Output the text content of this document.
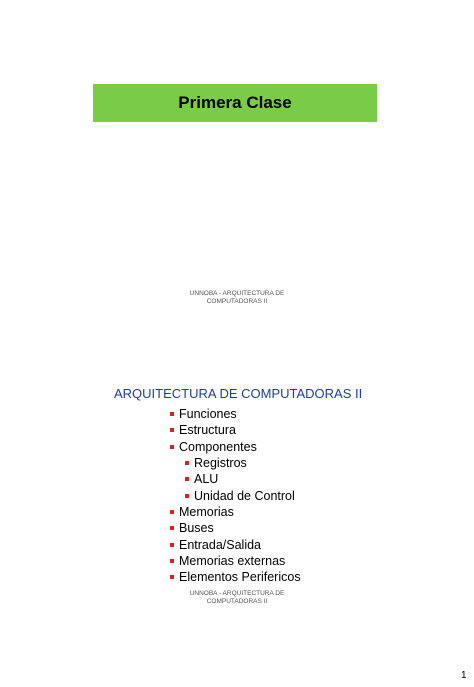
Primera Clase
UNNOBA - ARQUITECTURA DE
COMPUTADORAS II
ARQUITECTURA DE COMPUTADORAS II
Funciones
Estructura
Componentes
Registros
ALU
Unidad de Control
Memorias
Buses
Entrada/Salida
Memorias externas
Elementos Perifericos
UNNOBA - ARQUITECTURA DE
COMPUTADORAS II
1
